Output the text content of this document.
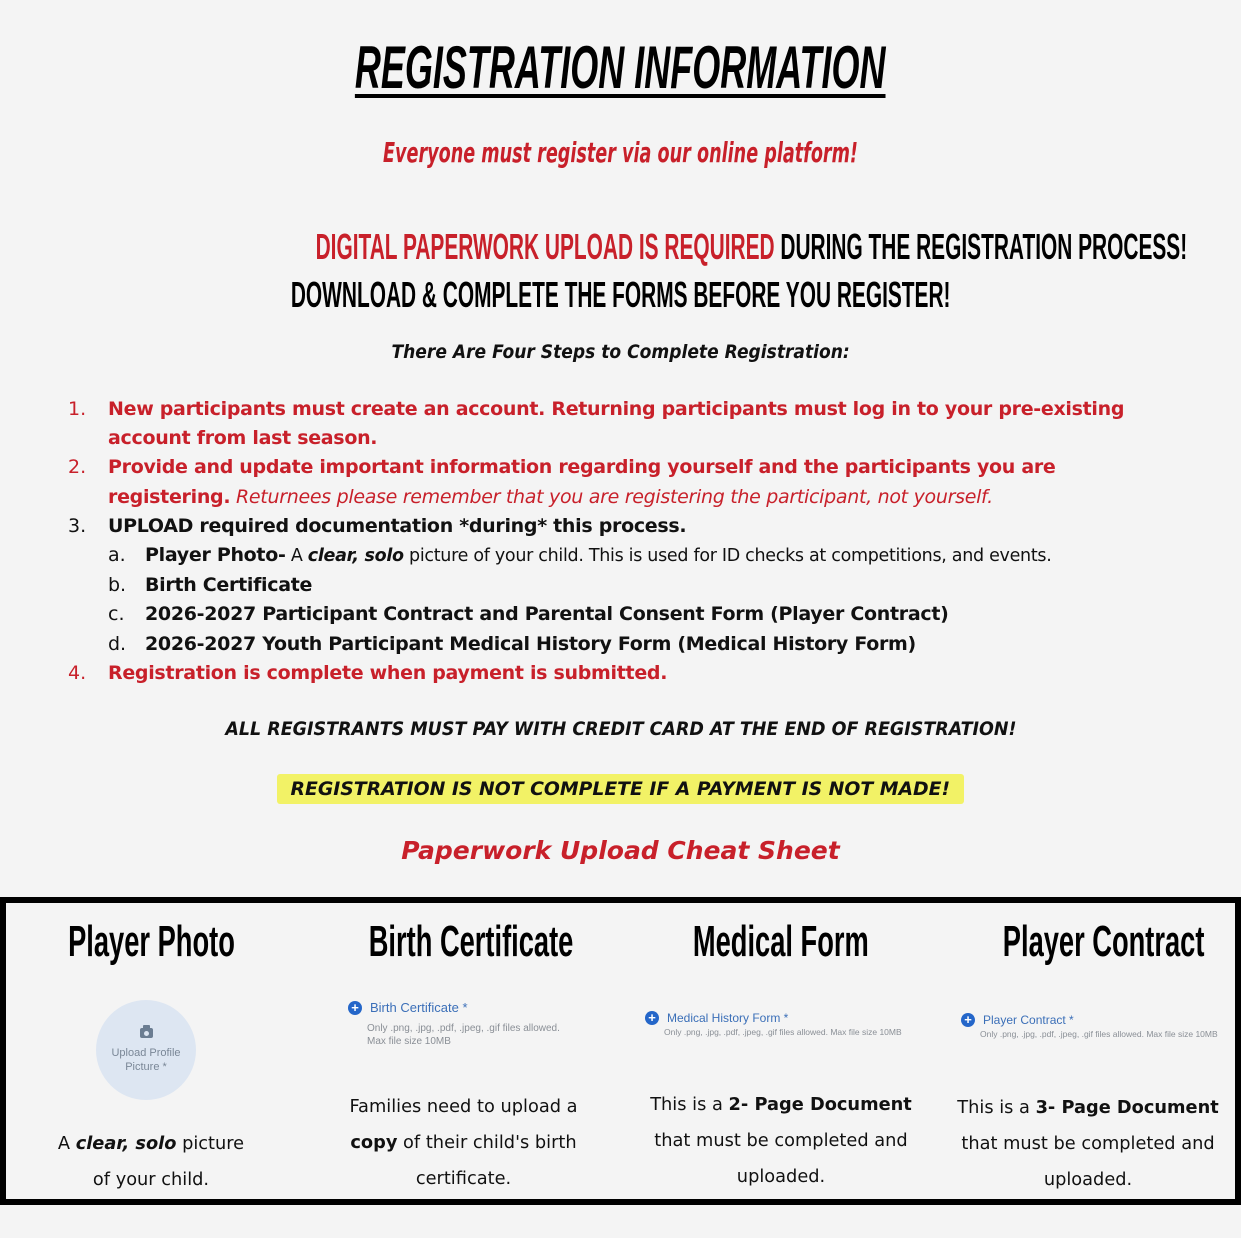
REGISTRATION INFORMATION
Everyone must register via our online platform!
DIGITAL PAPERWORK UPLOAD IS REQUIRED DURING THE REGISTRATION PROCESS!
DOWNLOAD & COMPLETE THE FORMS BEFORE YOU REGISTER!
There Are Four Steps to Complete Registration:
1.	New participants must create an account. Returning participants must log in to your pre-existing account from last season.
2.	Provide and update important information regarding yourself and the participants you are registering. Returnees please remember that you are registering the participant, not yourself.
3.	UPLOAD required documentation *during* this process.
a.	Player Photo- A clear, solo picture of your child. This is used for ID checks at competitions, and events.
b. Birth Certificate
c.	2026-2027 Participant Contract and Parental Consent Form (Player Contract)
d. 2026-2027 Youth Participant Medical History Form (Medical History Form)
4.	Registration is complete when payment is submitted.
ALL REGISTRANTS MUST PAY WITH CREDIT CARD AT THE END OF REGISTRATION!
REGISTRATION IS NOT COMPLETE IF A PAYMENT IS NOT MADE!
Paperwork Upload Cheat Sheet
Player Photo
Upload Profile
Picture *
A clear, solo picture
of your child.
Birth Certificate
+ Birth Certificate *
Only .png, .jpg, .pdf, .jpeg, .gif files allowed.
Max file size 10MB
Families need to upload a
copy of their child's birth
certificate.
Medical Form
+ Medical History Form *
Only .png, .jpg, .pdf, .jpeg, .gif files allowed. Max file size 10MB
This is a 2- Page Document
that must be completed and
uploaded.
Player Contract
+ Player Contract *
Only .png, .jpg, .pdf, .jpeg, .gif files allowed. Max file size 10MB
This is a 3- Page Document
that must be completed and
uploaded.
